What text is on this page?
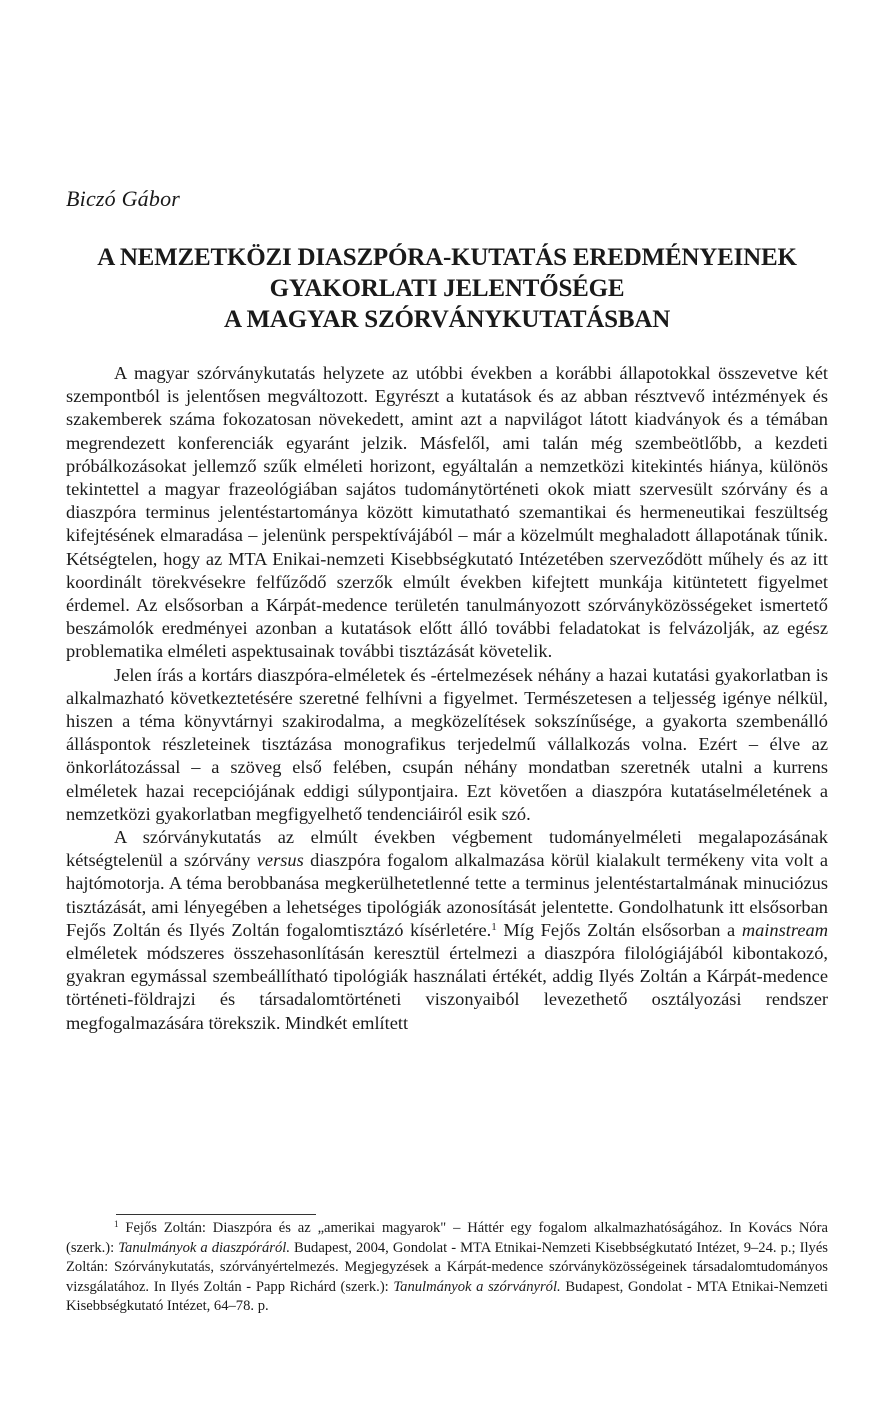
Biczó Gábor
A NEMZETKÖZI DIASZPÓRA-KUTATÁS EREDMÉNYEINEK
GYAKORLATI JELENTŐSÉGE
A MAGYAR SZÓRVÁNYKUTATÁSBAN

A magyar szórványkutatás helyzete az utóbbi években a korábbi állapotokkal összevetve két szempontból is jelentősen megváltozott. Egyrészt a kutatások és az abban résztvevő intézmények és szakemberek száma fokozatosan növekedett, amint azt a napvilágot látott kiadványok és a témában megrendezett konferenciák egyaránt jelzik. Másfelől, ami talán még szembeötlőbb, a kezdeti próbálkozásokat jellemző szűk elméleti horizont, egyáltalán a nemzetközi kitekintés hiánya, különös tekintettel a magyar frazeológiában sajátos tudománytörténeti okok miatt szervesült szórvány és a diaszpóra terminus jelentéstartománya között kimutatható szemantikai és hermeneutikai feszültség kifejtésének elmaradása – jelenünk perspektívájából – már a közelmúlt meghaladott állapotának tűnik. Kétségtelen, hogy az MTA Enikai-nemzeti Kisebbségkutató Intézetében szerveződött műhely és az itt koordinált törekvésekre felfűződő szerzők elmúlt években kifejtett munkája kitüntetett figyelmet érdemel. Az elsősorban a Kárpát-medence területén tanulmányozott szórványközösségeket ismertető beszámolók eredményei azonban a kutatások előtt álló további feladatokat is felvázolják, az egész problematika elméleti aspektusainak további tisztázását követelik.

Jelen írás a kortárs diaszpóra-elméletek és -értelmezések néhány a hazai kutatási gyakorlatban is alkalmazható következtetésére szeretné felhívni a figyelmet. Természetesen a teljesség igénye nélkül, hiszen a téma könyvtárnyi szakirodalma, a megközelítések sokszínűsége, a gyakorta szembenálló álláspontok részleteinek tisztázása monografikus terjedelmű vállalkozás volna. Ezért – élve az önkorlátozással – a szöveg első felében, csupán néhány mondatban szeretnék utalni a kurrens elméletek hazai recepciójának eddigi súlypontjaira. Ezt követően a diaszpóra kutatáselméletének a nemzetközi gyakorlatban megfigyelhető tendenciáiról esik szó.

A szórványkutatás az elmúlt években végbement tudományelméleti megalapozásának kétségtelenül a szórvány versus diaszpóra fogalom alkalmazása körül kialakult termékeny vita volt a hajtómotorja. A téma berobbanása megkerülhetetlenné tette a terminus jelentéstartalmának minuciózus tisztázását, ami lényegében a lehetséges tipológiák azonosítását jelentette. Gondolhatunk itt elsősorban Fejős Zoltán és Ilyés Zoltán fogalomtisztázó kísérletére.$^1$ Míg Fejős Zoltán elsősorban a mainstream elméletek módszeres összehasonlításán keresztül értelmezi a diaszpóra filológiájából kibontakozó, gyakran egymással szembeállítható tipológiák használati értékét, addig Ilyés Zoltán a Kárpát-medence történeti-földrajzi és társadalomtörténeti viszonyaiból levezethető osztályozási rendszer megfogalmazására törekszik. Mindkét említett

$^1$ Fejős Zoltán: Diaszpóra és az „amerikai magyarok" – Háttér egy fogalom alkalmazhatóságához. In Kovács Nóra (szerk.): Tanulmányok a diaszpóráról. Budapest, 2004, Gondolat - MTA Etnikai-Nemzeti Kisebbségkutató Intézet, 9–24. p.; Ilyés Zoltán: Szórványkutatás, szórványértelmezés. Megjegyzések a Kárpát-medence szórványközösségeinek társadalomtudományos vizsgálatához. In Ilyés Zoltán - Papp Richárd (szerk.): Tanulmányok a szórványról. Budapest, Gondolat - MTA Etnikai-Nemzeti Kisebbségkutató Intézet, 64–78. p.
